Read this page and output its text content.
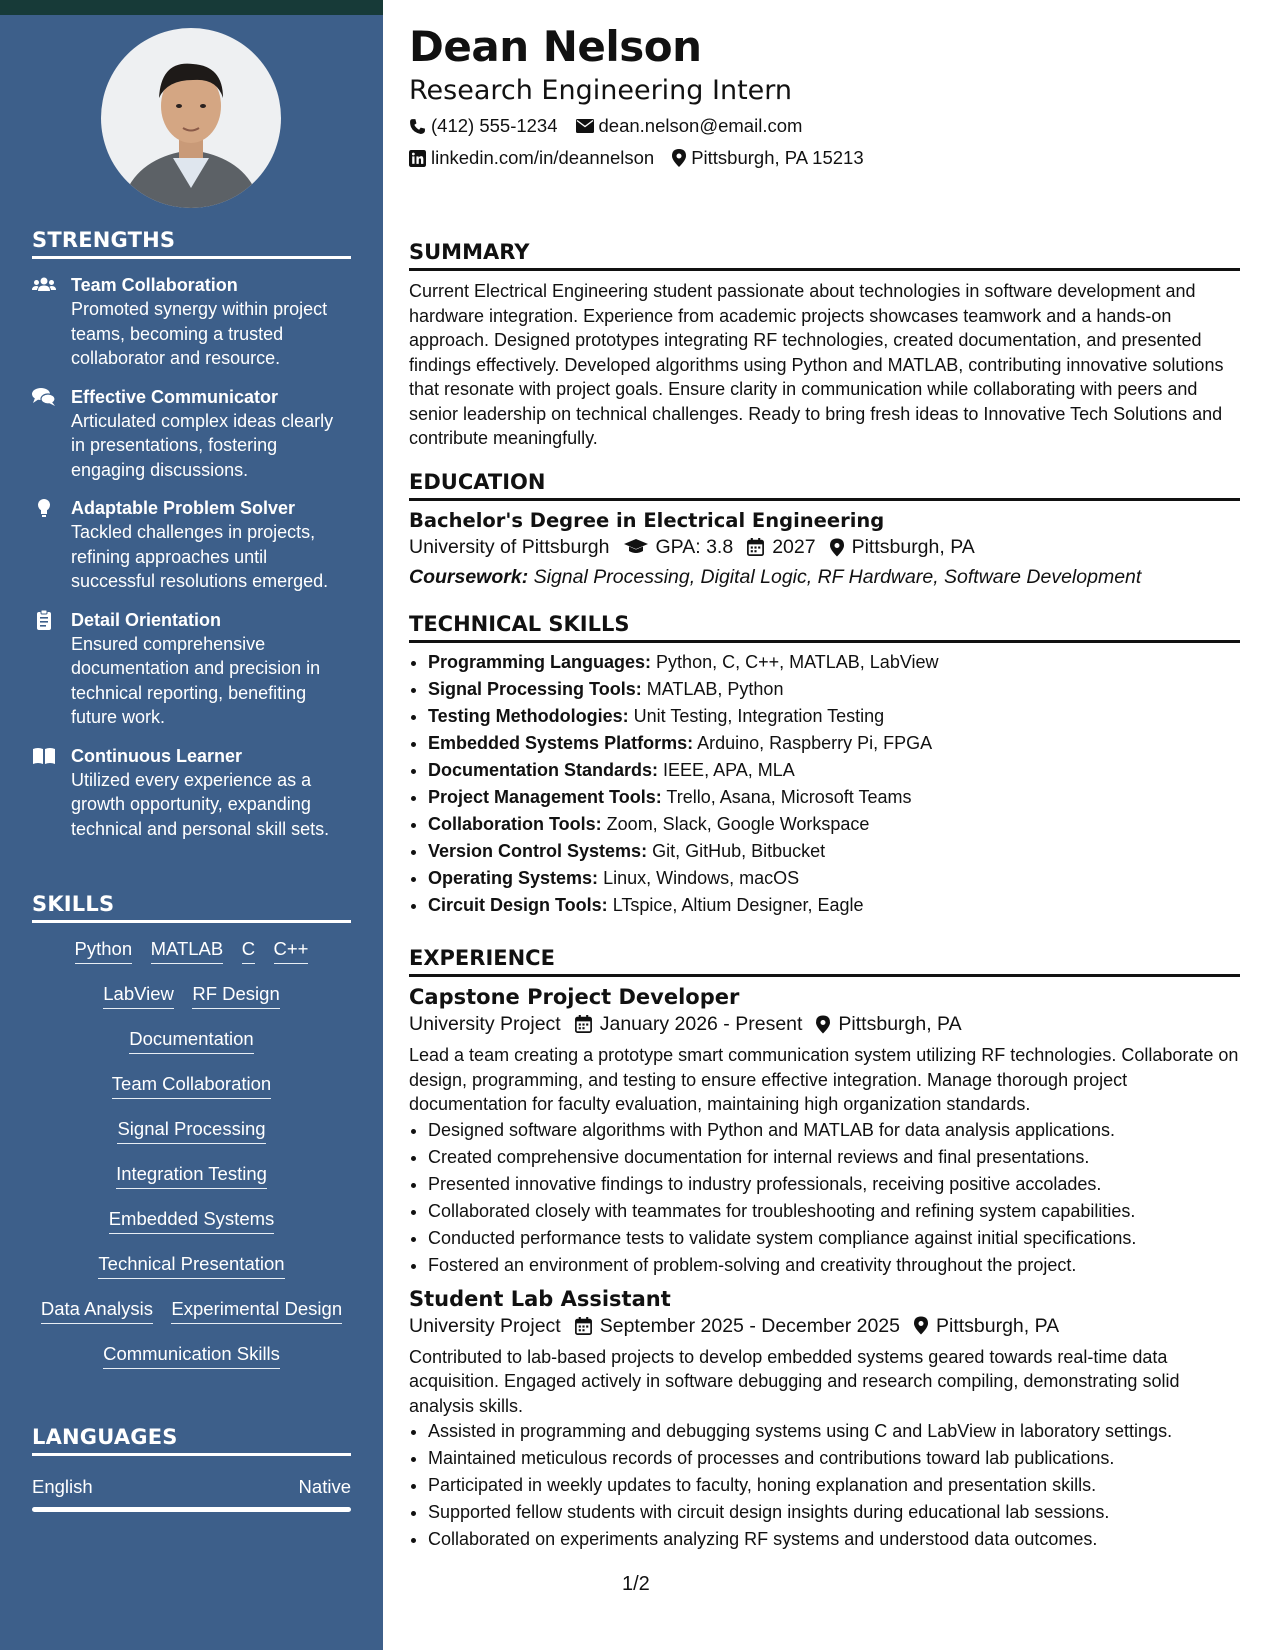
STRENGTHS
Team Collaboration
Promoted synergy within project teams, becoming a trusted collaborator and resource.
Effective Communicator
Articulated complex ideas clearly in presentations, fostering engaging discussions.
Adaptable Problem Solver
Tackled challenges in projects, refining approaches until successful resolutions emerged.
Detail Orientation
Ensured comprehensive documentation and precision in technical reporting, benefiting future work.
Continuous Learner
Utilized every experience as a growth opportunity, expanding technical and personal skill sets.
SKILLS
Python MATLAB C C++
LabView RF Design
Documentation
Team Collaboration
Signal Processing
Integration Testing
Embedded Systems
Technical Presentation
Data Analysis Experimental Design
Communication Skills
LANGUAGES
English	Native
Dean Nelson
Research Engineering Intern
(412) 555-1234 dean.nelson@email.com
linkedin.com/in/deannelson Pittsburgh, PA 15213
SUMMARY
Current Electrical Engineering student passionate about technologies in software development and hardware integration. Experience from academic projects showcases teamwork and a hands-on approach. Designed prototypes integrating RF technologies, created documentation, and presented findings effectively. Developed algorithms using Python and MATLAB, contributing innovative solutions that resonate with project goals. Ensure clarity in communication while collaborating with peers and senior leadership on technical challenges. Ready to bring fresh ideas to Innovative Tech Solutions and contribute meaningfully.
EDUCATION
Bachelor's Degree in Electrical Engineering
University of Pittsburgh GPA: 3.8 2027 Pittsburgh, PA
Coursework: Signal Processing, Digital Logic, RF Hardware, Software Development
TECHNICAL SKILLS
• Programming Languages: Python, C, C++, MATLAB, LabView
• Signal Processing Tools: MATLAB, Python
• Testing Methodologies: Unit Testing, Integration Testing
• Embedded Systems Platforms: Arduino, Raspberry Pi, FPGA
• Documentation Standards: IEEE, APA, MLA
• Project Management Tools: Trello, Asana, Microsoft Teams
• Collaboration Tools: Zoom, Slack, Google Workspace
• Version Control Systems: Git, GitHub, Bitbucket
• Operating Systems: Linux, Windows, macOS
• Circuit Design Tools: LTspice, Altium Designer, Eagle
EXPERIENCE
Capstone Project Developer
University Project January 2026 - Present Pittsburgh, PA
Lead a team creating a prototype smart communication system utilizing RF technologies. Collaborate on design, programming, and testing to ensure effective integration. Manage thorough project documentation for faculty evaluation, maintaining high organization standards.
• Designed software algorithms with Python and MATLAB for data analysis applications.
• Created comprehensive documentation for internal reviews and final presentations.
• Presented innovative findings to industry professionals, receiving positive accolades.
• Collaborated closely with teammates for troubleshooting and refining system capabilities.
• Conducted performance tests to validate system compliance against initial specifications.
• Fostered an environment of problem-solving and creativity throughout the project.
Student Lab Assistant
University Project September 2025 - December 2025 Pittsburgh, PA
Contributed to lab-based projects to develop embedded systems geared towards real-time data acquisition. Engaged actively in software debugging and research compiling, demonstrating solid analysis skills.
• Assisted in programming and debugging systems using C and LabView in laboratory settings.
• Maintained meticulous records of processes and contributions toward lab publications.
• Participated in weekly updates to faculty, honing explanation and presentation skills.
• Supported fellow students with circuit design insights during educational lab sessions.
• Collaborated on experiments analyzing RF systems and understood data outcomes.
1/2
